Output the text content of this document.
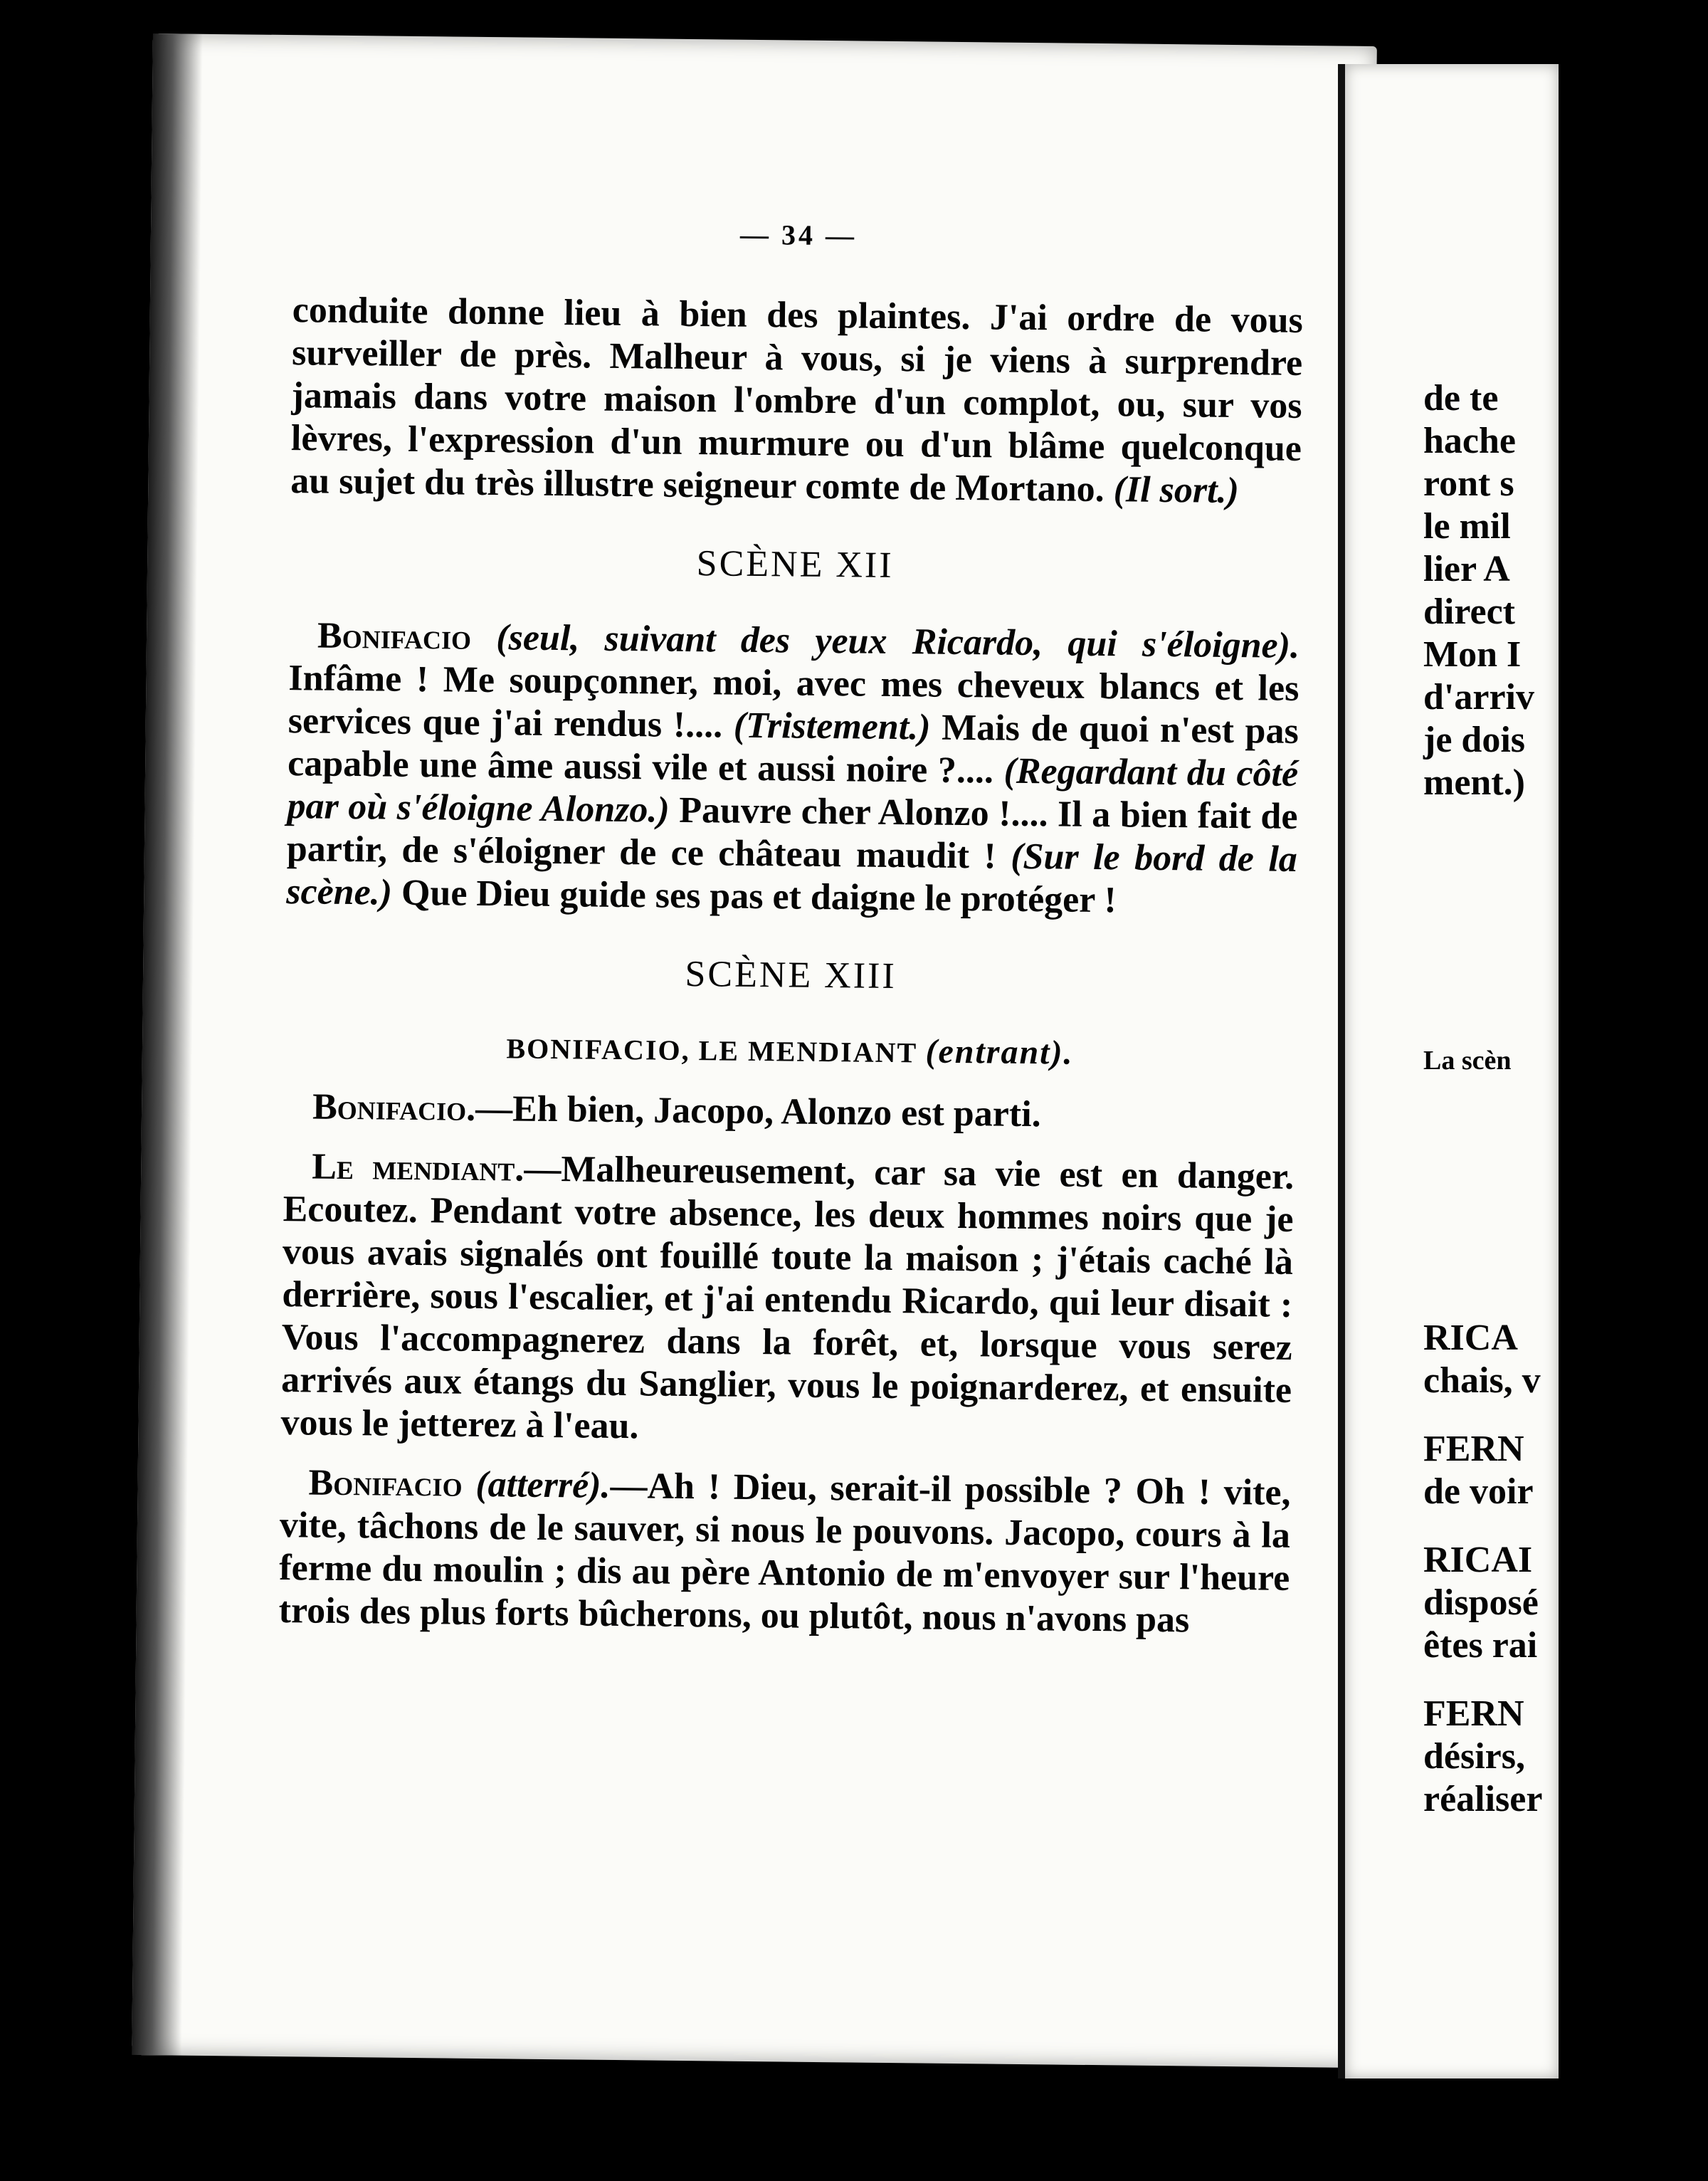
— 34 —

conduite donne lieu à bien des plaintes. J'ai ordre de vous surveiller de près. Malheur à vous, si je viens à surprendre jamais dans votre maison l'ombre d'un complot, ou, sur vos lèvres, l'expression d'un murmure ou d'un blâme quelconque au sujet du très illustre seigneur comte de Mortano. (Il sort.)

SCÈNE XII

Bonifacio (seul, suivant des yeux Ricardo, qui s'éloigne). Infâme ! Me soupçonner, moi, avec mes cheveux blancs et les services que j'ai rendus !.... (Tristement.) Mais de quoi n'est pas capable une âme aussi vile et aussi noire ?.... (Regardant du côté par où s'éloigne Alonzo.) Pauvre cher Alonzo !.... Il a bien fait de partir, de s'éloigner de ce château maudit ! (Sur le bord de la scène.) Que Dieu guide ses pas et daigne le protéger !

SCÈNE XIII
BONIFACIO, LE MENDIANT (entrant).

Bonifacio.—Eh bien, Jacopo, Alonzo est parti.

Le mendiant.—Malheureusement, car sa vie est en danger. Ecoutez. Pendant votre absence, les deux hommes noirs que je vous avais signalés ont fouillé toute la maison ; j'étais caché là derrière, sous l'escalier, et j'ai entendu Ricardo, qui leur disait : Vous l'accompagnerez dans la forêt, et, lorsque vous serez arrivés aux étangs du Sanglier, vous le poignarderez, et ensuite vous le jetterez à l'eau.

Bonifacio (atterré).—Ah ! Dieu, serait-il possible ? Oh ! vite, vite, tâchons de le sauver, si nous le pouvons. Jacopo, cours à la ferme du moulin ; dis au père Antonio de m'envoyer sur l'heure trois des plus forts bûcherons, ou plutôt, nous n'avons pas

de te
hache
ront s
le mil
lier A
direct
Mon I
d'arriv
je dois
ment.)
La scèn
RICA
chais, v
FERN
de voir
RICAI
disposé
êtes rai
FERN
désirs,
réaliser
